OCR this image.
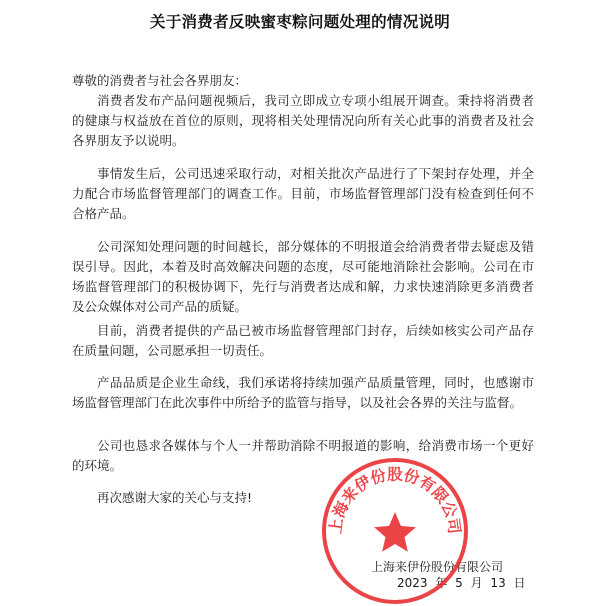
关于消费者反映蜜枣粽问题处理的情况说明
尊敬的消费者与社会各界朋友：

消费者发布产品问题视频后，我司立即成立专项小组展开调查。秉持将消费者的健康与权益放在首位的原则，现将相关处理情况向所有关心此事的消费者及社会各界朋友予以说明。

事情发生后，公司迅速采取行动，对相关批次产品进行了下架封存处理，并全力配合市场监督管理部门的调查工作。目前，市场监督管理部门没有检查到任何不合格产品。

公司深知处理问题的时间越长，部分媒体的不明报道会给消费者带去疑虑及错误引导。因此，本着及时高效解决问题的态度，尽可能地消除社会影响。公司在市场监督管理部门的积极协调下，先行与消费者达成和解，力求快速消除更多消费者及公众媒体对公司产品的质疑。

目前，消费者提供的产品已被市场监督管理部门封存，后续如核实公司产品存在质量问题，公司愿承担一切责任。

产品品质是企业生命线，我们承诺将持续加强产品质量管理，同时，也感谢市场监督管理部门在此次事件中所给予的监管与指导，以及社会各界的关注与监督。

公司也恳求各媒体与个人一并帮助消除不明报道的影响，给消费市场一个更好的环境。

再次感谢大家的关心与支持!
上海来伊份股份有限公司
2023 年 5 月 13 日
上海来伊份股份有限公司
